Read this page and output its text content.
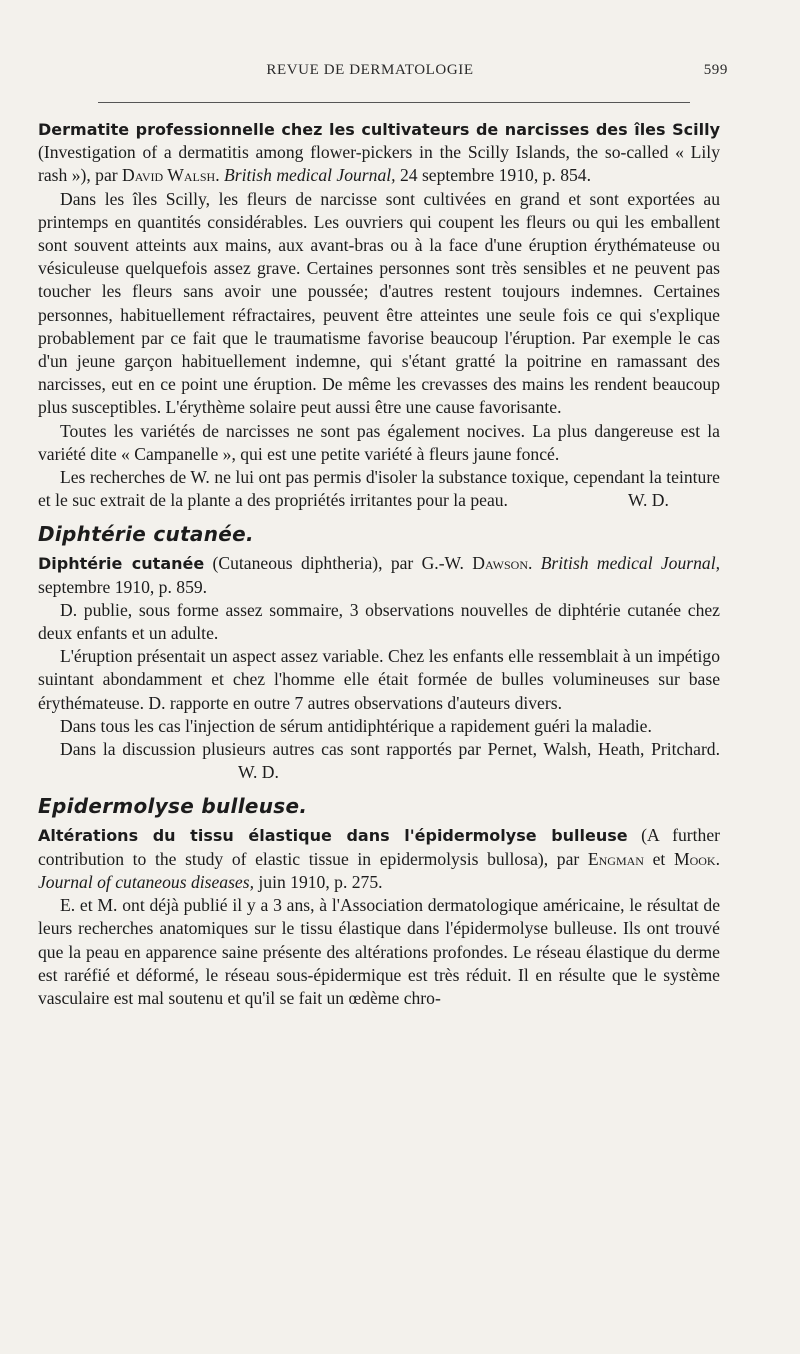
REVUE DE DERMATOLOGIE	599

Dermatite professionnelle chez les cultivateurs de narcisses des îles Scilly (Investigation of a dermatitis among flower-pickers in the Scilly Islands, the so-called « Lily rash »), par David Walsh. British medical Journal, 24 septembre 1910, p. 854.

Dans les îles Scilly, les fleurs de narcisse sont cultivées en grand et sont exportées au printemps en quantités considérables. Les ouvriers qui coupent les fleurs ou qui les emballent sont souvent atteints aux mains, aux avant-bras ou à la face d'une éruption érythémateuse ou vésiculeuse quelquefois assez grave. Certaines personnes sont très sensibles et ne peuvent pas toucher les fleurs sans avoir une poussée; d'autres restent toujours indemnes. Certaines personnes, habituellement réfractaires, peuvent être atteintes une seule fois ce qui s'explique probablement par ce fait que le traumatisme favorise beaucoup l'éruption. Par exemple le cas d'un jeune garçon habituellement indemne, qui s'étant gratté la poitrine en ramassant des narcisses, eut en ce point une éruption. De même les crevasses des mains les rendent beaucoup plus susceptibles. L'érythème solaire peut aussi être une cause favorisante.

Toutes les variétés de narcisses ne sont pas également nocives. La plus dangereuse est la variété dite « Campanelle », qui est une petite variété à fleurs jaune foncé.

Les recherches de W. ne lui ont pas permis d'isoler la substance toxique, cependant la teinture et le suc extrait de la plante a des propriétés irritantes pour la peau.	W. D.

Diphtérie cutanée.

Diphtérie cutanée (Cutaneous diphtheria), par G.-W. Dawson. British medical Journal, septembre 1910, p. 859.

D. publie, sous forme assez sommaire, 3 observations nouvelles de diphtérie cutanée chez deux enfants et un adulte.

L'éruption présentait un aspect assez variable. Chez les enfants elle ressemblait à un impétigo suintant abondamment et chez l'homme elle était formée de bulles volumineuses sur base érythémateuse. D. rapporte en outre 7 autres observations d'auteurs divers.

Dans tous les cas l'injection de sérum antidiphtérique a rapidement guéri la maladie.

Dans la discussion plusieurs autres cas sont rapportés par Pernet, Walsh, Heath, Pritchard.W. D.

Epidermolyse bulleuse.

Altérations du tissu élastique dans l'épidermolyse bulleuse (A further contribution to the study of elastic tissue in epidermolysis bullosa), par Engman et Mook. Journal of cutaneous diseases, juin 1910, p. 275.

E. et M. ont déjà publié il y a 3 ans, à l'Association dermatologique américaine, le résultat de leurs recherches anatomiques sur le tissu élastique dans l'épidermolyse bulleuse. Ils ont trouvé que la peau en apparence saine présente des altérations profondes. Le réseau élastique du derme est raréfié et déformé, le réseau sous-épidermique est très réduit. Il en résulte que le système vasculaire est mal soutenu et qu'il se fait un œdème chro-
